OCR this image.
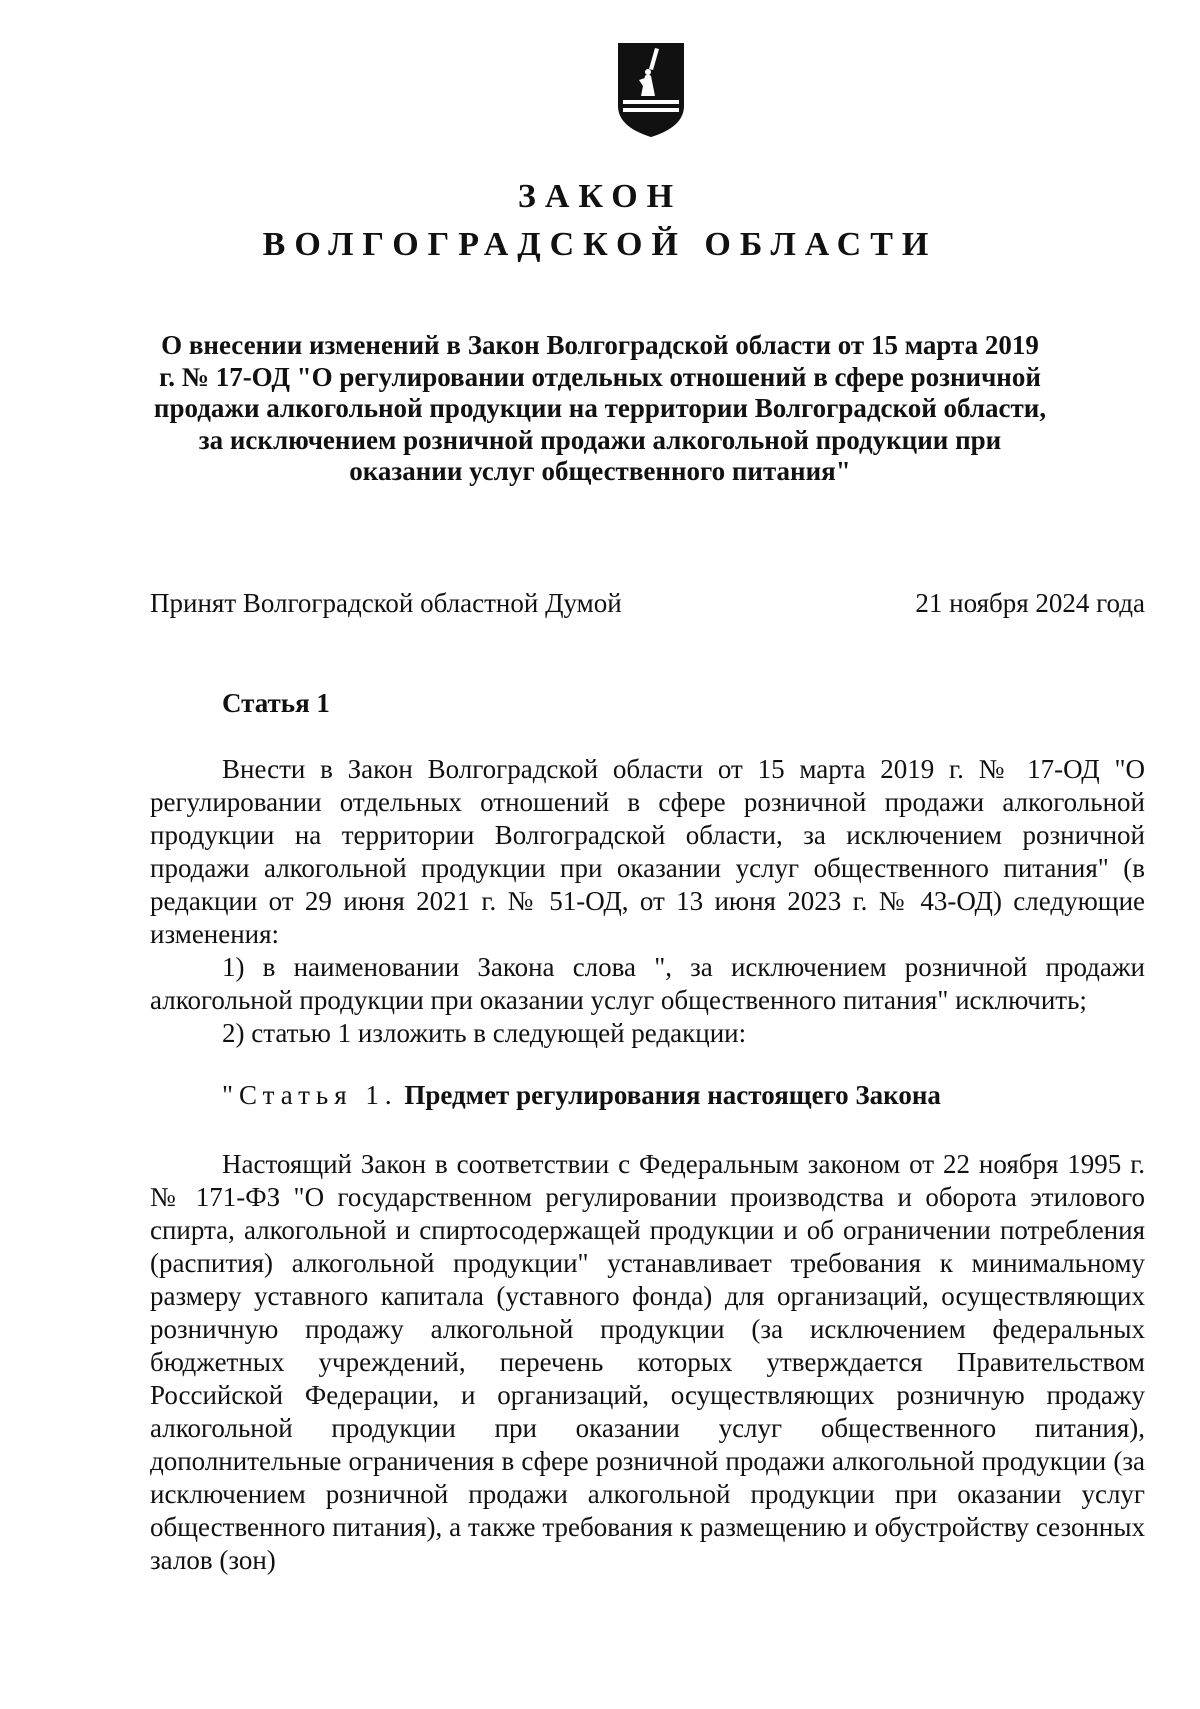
ЗАКОН
ВОЛГОГРАДСКОЙ ОБЛАСТИ
О внесении изменений в Закон Волгоградской области от 15 марта 2019 г. № 17-ОД "О регулировании отдельных отношений в сфере розничной продажи алкогольной продукции на территории Волгоградской области, за исключением розничной продажи алкогольной продукции при оказании услуг общественного питания"
Принят Волгоградской областной Думой	21 ноября 2024 года
Статья 1

Внести в Закон Волгоградской области от 15 марта 2019 г. № 17-ОД "О регулировании отдельных отношений в сфере розничной продажи алкогольной продукции на территории Волгоградской области, за исключением розничной продажи алкогольной продукции при оказании услуг общественного питания" (в редакции от 29 июня 2021 г. № 51-ОД, от 13 июня 2023 г. № 43-ОД) следующие изменения:

1) в наименовании Закона слова ", за исключением розничной продажи алкогольной продукции при оказании услуг общественного питания" исключить;

2) статью 1 изложить в следующей редакции:

"Статья 1. Предмет регулирования настоящего Закона

Настоящий Закон в соответствии с Федеральным законом от 22 ноября 1995 г. № 171-ФЗ "О государственном регулировании производства и оборота этилового спирта, алкогольной и спиртосодержащей продукции и об ограничении потребления (распития) алкогольной продукции" устанавливает требования к минимальному размеру уставного капитала (уставного фонда) для организаций, осуществляющих розничную продажу алкогольной продукции (за исключением федеральных бюджетных учреждений, перечень которых утверждается Правительством Российской Федерации, и организаций, осуществляющих розничную продажу алкогольной продукции при оказании услуг общественного питания), дополнительные ограничения в сфере розничной продажи алкогольной продукции (за исключением розничной продажи алкогольной продукции при оказании услуг общественного питания), а также требования к размещению и обустройству сезонных залов (зон)
